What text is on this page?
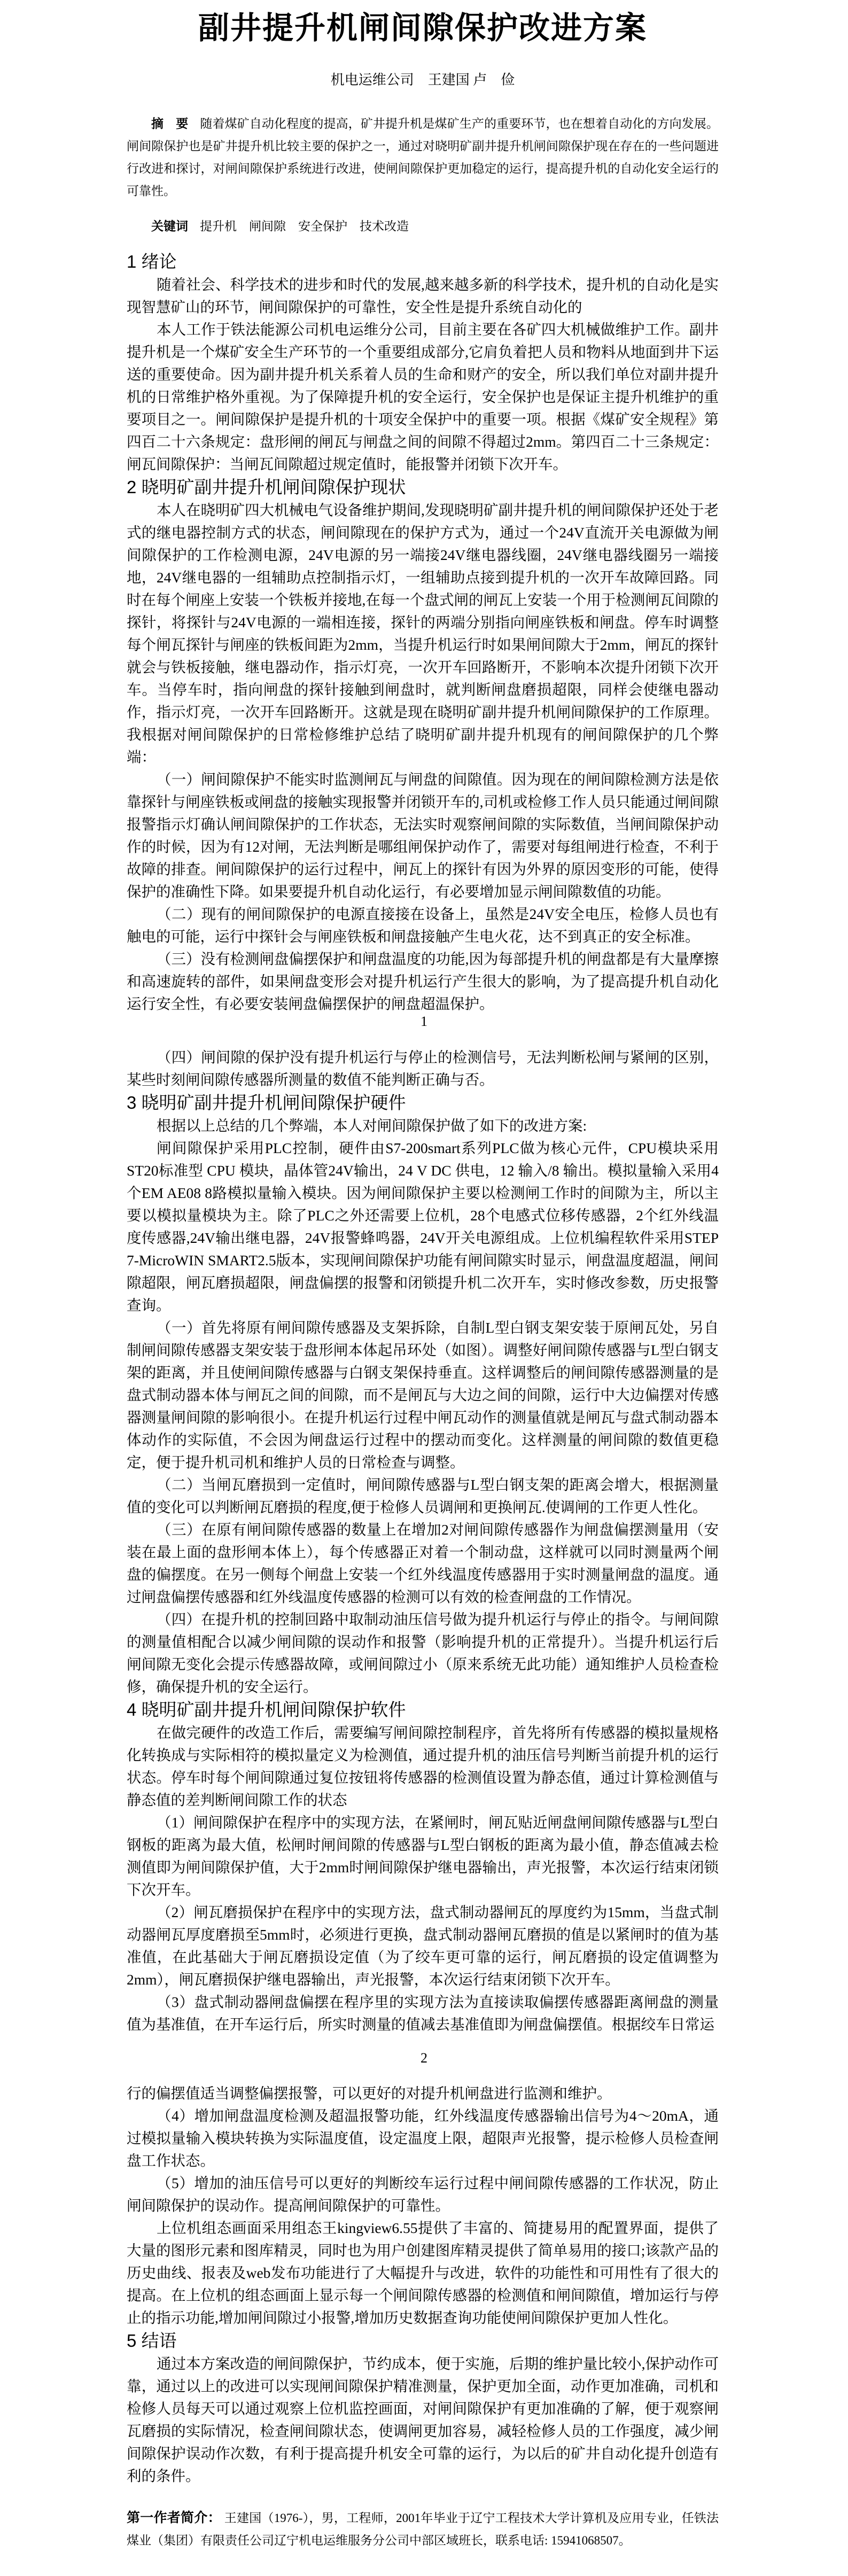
副井提升机闸间隙保护改进方案
机电运维公司　王建国 卢　俭

摘　要 随着煤矿自动化程度的提高，矿井提升机是煤矿生产的重要环节，也在想着自动化的方向发展。闸间隙保护也是矿井提升机比较主要的保护之一，通过对晓明矿副井提升机闸间隙保护现在存在的一些问题进行改进和探讨，对闸间隙保护系统进行改进，使闸间隙保护更加稳定的运行，提高提升机的自动化安全运行的可靠性。

关键词 提升机　闸间隙　安全保护　技术改造

1 绪论

随着社会、科学技术的进步和时代的发展,越来越多新的科学技术，提升机的自动化是实现智慧矿山的环节，闸间隙保护的可靠性，安全性是提升系统自动化的

本人工作于铁法能源公司机电运维分公司，目前主要在各矿四大机械做维护工作。副井提升机是一个煤矿安全生产环节的一个重要组成部分,它肩负着把人员和物料从地面到井下运送的重要使命。因为副井提升机关系着人员的生命和财产的安全，所以我们单位对副井提升机的日常维护格外重视。为了保障提升机的安全运行，安全保护也是保证主提升机维护的重要项目之一。闸间隙保护是提升机的十项安全保护中的重要一项。根据《煤矿安全规程》第四百二十六条规定：盘形闸的闸瓦与闸盘之间的间隙不得超过2mm。第四百二十三条规定：闸瓦间隙保护：当闸瓦间隙超过规定值时，能报警并闭锁下次开车。

2 晓明矿副井提升机闸间隙保护现状

本人在晓明矿四大机械电气设备维护期间,发现晓明矿副井提升机的闸间隙保护还处于老式的继电器控制方式的状态，闸间隙现在的保护方式为，通过一个24V直流开关电源做为闸间隙保护的工作检测电源，24V电源的另一端接24V继电器线圈，24V继电器线圈另一端接地，24V继电器的一组辅助点控制指示灯，一组辅助点接到提升机的一次开车故障回路。同时在每个闸座上安装一个铁板并接地,在每一个盘式闸的闸瓦上安装一个用于检测闸瓦间隙的探针，将探针与24V电源的一端相连接，探针的两端分别指向闸座铁板和闸盘。停车时调整每个闸瓦探针与闸座的铁板间距为2mm，当提升机运行时如果闸间隙大于2mm，闸瓦的探针就会与铁板接触，继电器动作，指示灯亮，一次开车回路断开，不影响本次提升闭锁下次开车。当停车时，指向闸盘的探针接触到闸盘时，就判断闸盘磨损超限，同样会使继电器动作，指示灯亮，一次开车回路断开。这就是现在晓明矿副井提升机闸间隙保护的工作原理。我根据对闸间隙保护的日常检修维护总结了晓明矿副井提升机现有的闸间隙保护的几个弊端：

（一）闸间隙保护不能实时监测闸瓦与闸盘的间隙值。因为现在的闸间隙检测方法是依靠探针与闸座铁板或闸盘的接触实现报警并闭锁开车的,司机或检修工作人员只能通过闸间隙报警指示灯确认闸间隙保护的工作状态，无法实时观察闸间隙的实际数值，当闸间隙保护动作的时候，因为有12对闸，无法判断是哪组闸保护动作了，需要对每组闸进行检查，不利于故障的排查。闸间隙保护的运行过程中，闸瓦上的探针有因为外界的原因变形的可能，使得保护的准确性下降。如果要提升机自动化运行，有必要增加显示闸间隙数值的功能。

（二）现有的闸间隙保护的电源直接接在设备上，虽然是24V安全电压，检修人员也有触电的可能，运行中探针会与闸座铁板和闸盘接触产生电火花，达不到真正的安全标准。

（三）没有检测闸盘偏摆保护和闸盘温度的功能,因为每部提升机的闸盘都是有大量摩擦和高速旋转的部件，如果闸盘变形会对提升机运行产生很大的影响，为了提高提升机自动化运行安全性，有必要安装闸盘偏摆保护的闸盘超温保护。

1

（四）闸间隙的保护没有提升机运行与停止的检测信号，无法判断松闸与紧闸的区别，某些时刻闸间隙传感器所测量的数值不能判断正确与否。

3 晓明矿副井提升机闸间隙保护硬件

根据以上总结的几个弊端，本人对闸间隙保护做了如下的改进方案:

闸间隙保护采用PLC控制，硬件由S7-200smart系列PLC做为核心元件，CPU模块采用ST20标准型 CPU 模块，晶体管24V输出，24 V DC 供电，12 输入/8 输出。模拟量输入采用4个EM AE08 8路模拟量输入模块。因为闸间隙保护主要以检测闸工作时的间隙为主，所以主要以模拟量模块为主。除了PLC之外还需要上位机，28个电感式位移传感器，2个红外线温度传感器,24V输出继电器，24V报警蜂鸣器，24V开关电源组成。上位机编程软件采用STEP 7-MicroWIN SMART2.5版本，实现闸间隙保护功能有闸间隙实时显示，闸盘温度超温，闸间隙超限，闸瓦磨损超限，闸盘偏摆的报警和闭锁提升机二次开车，实时修改参数，历史报警查询。

（一）首先将原有闸间隙传感器及支架拆除，自制L型白钢支架安装于原闸瓦处，另自制闸间隙传感器支架安装于盘形闸本体起吊环处（如图）。调整好闸间隙传感器与L型白钢支架的距离，并且使闸间隙传感器与白钢支架保持垂直。这样调整后的闸间隙传感器测量的是盘式制动器本体与闸瓦之间的间隙，而不是闸瓦与大边之间的间隙，运行中大边偏摆对传感器测量闸间隙的影响很小。在提升机运行过程中闸瓦动作的测量值就是闸瓦与盘式制动器本体动作的实际值，不会因为闸盘运行过程中的摆动而变化。这样测量的闸间隙的数值更稳定，便于提升机司机和维护人员的日常检查与调整。

（二）当闸瓦磨损到一定值时，闸间隙传感器与L型白钢支架的距离会增大，根据测量值的变化可以判断闸瓦磨损的程度,便于检修人员调闸和更换闸瓦.使调闸的工作更人性化。

（三）在原有闸间隙传感器的数量上在增加2对闸间隙传感器作为闸盘偏摆测量用（安装在最上面的盘形闸本体上），每个传感器正对着一个制动盘，这样就可以同时测量两个闸盘的偏摆度。在另一侧每个闸盘上安装一个红外线温度传感器用于实时测量闸盘的温度。通过闸盘偏摆传感器和红外线温度传感器的检测可以有效的检查闸盘的工作情况。

（四）在提升机的控制回路中取制动油压信号做为提升机运行与停止的指令。与闸间隙的测量值相配合以减少闸间隙的误动作和报警（影响提升机的正常提升）。当提升机运行后闸间隙无变化会提示传感器故障，或闸间隙过小（原来系统无此功能）通知维护人员检查检修，确保提升机的安全运行。

4 晓明矿副井提升机闸间隙保护软件

在做完硬件的改造工作后，需要编写闸间隙控制程序，首先将所有传感器的模拟量规格化转换成与实际相符的模拟量定义为检测值，通过提升机的油压信号判断当前提升机的运行状态。停车时每个闸间隙通过复位按钮将传感器的检测值设置为静态值，通过计算检测值与静态值的差判断闸间隙工作的状态

（1）闸间隙保护在程序中的实现方法，在紧闸时，闸瓦贴近闸盘闸间隙传感器与L型白钢板的距离为最大值，松闸时闸间隙的传感器与L型白钢板的距离为最小值，静态值减去检测值即为闸间隙保护值，大于2mm时闸间隙保护继电器输出，声光报警，本次运行结束闭锁下次开车。

（2）闸瓦磨损保护在程序中的实现方法，盘式制动器闸瓦的厚度约为15mm，当盘式制动器闸瓦厚度磨损至5mm时，必须进行更换，盘式制动器闸瓦磨损的值是以紧闸时的值为基准值，在此基础大于闸瓦磨损设定值（为了绞车更可靠的运行，闸瓦磨损的设定值调整为2mm），闸瓦磨损保护继电器输出，声光报警，本次运行结束闭锁下次开车。

（3）盘式制动器闸盘偏摆在程序里的实现方法为直接读取偏摆传感器距离闸盘的测量值为基准值，在开车运行后，所实时测量的值减去基准值即为闸盘偏摆值。根据绞车日常运

2

行的偏摆值适当调整偏摆报警，可以更好的对提升机闸盘进行监测和维护。

（4）增加闸盘温度检测及超温报警功能，红外线温度传感器输出信号为4～20mA，通过模拟量输入模块转换为实际温度值，设定温度上限，超限声光报警，提示检修人员检查闸盘工作状态。

（5）增加的油压信号可以更好的判断绞车运行过程中闸间隙传感器的工作状况，防止闸间隙保护的误动作。提高闸间隙保护的可靠性。

上位机组态画面采用组态王kingview6.55提供了丰富的、简捷易用的配置界面，提供了大量的图形元素和图库精灵，同时也为用户创建图库精灵提供了简单易用的接口;该款产品的历史曲线、报表及web发布功能进行了大幅提升与改进，软件的功能性和可用性有了很大的提高。在上位机的组态画面上显示每一个闸间隙传感器的检测值和闸间隙值，增加运行与停止的指示功能,增加闸间隙过小报警,增加历史数据查询功能使闸间隙保护更加人性化。

5 结语

通过本方案改造的闸间隙保护，节约成本，便于实施，后期的维护量比较小,保护动作可靠，通过以上的改进可以实现闸间隙保护精准测量，保护更加全面，动作更加准确，司机和检修人员每天可以通过观察上位机监控画面，对闸间隙保护有更加准确的了解，便于观察闸瓦磨损的实际情况，检查闸间隙状态，使调闸更加容易，减轻检修人员的工作强度，减少闸间隙保护误动作次数，有利于提高提升机安全可靠的运行，为以后的矿井自动化提升创造有利的条件。

第一作者简介： 王建国（1976-），男，工程师，2001年毕业于辽宁工程技术大学计算机及应用专业，任铁法煤业（集团）有限责任公司辽宁机电运维服务分公司中部区域班长，联系电话: 15941068507。
